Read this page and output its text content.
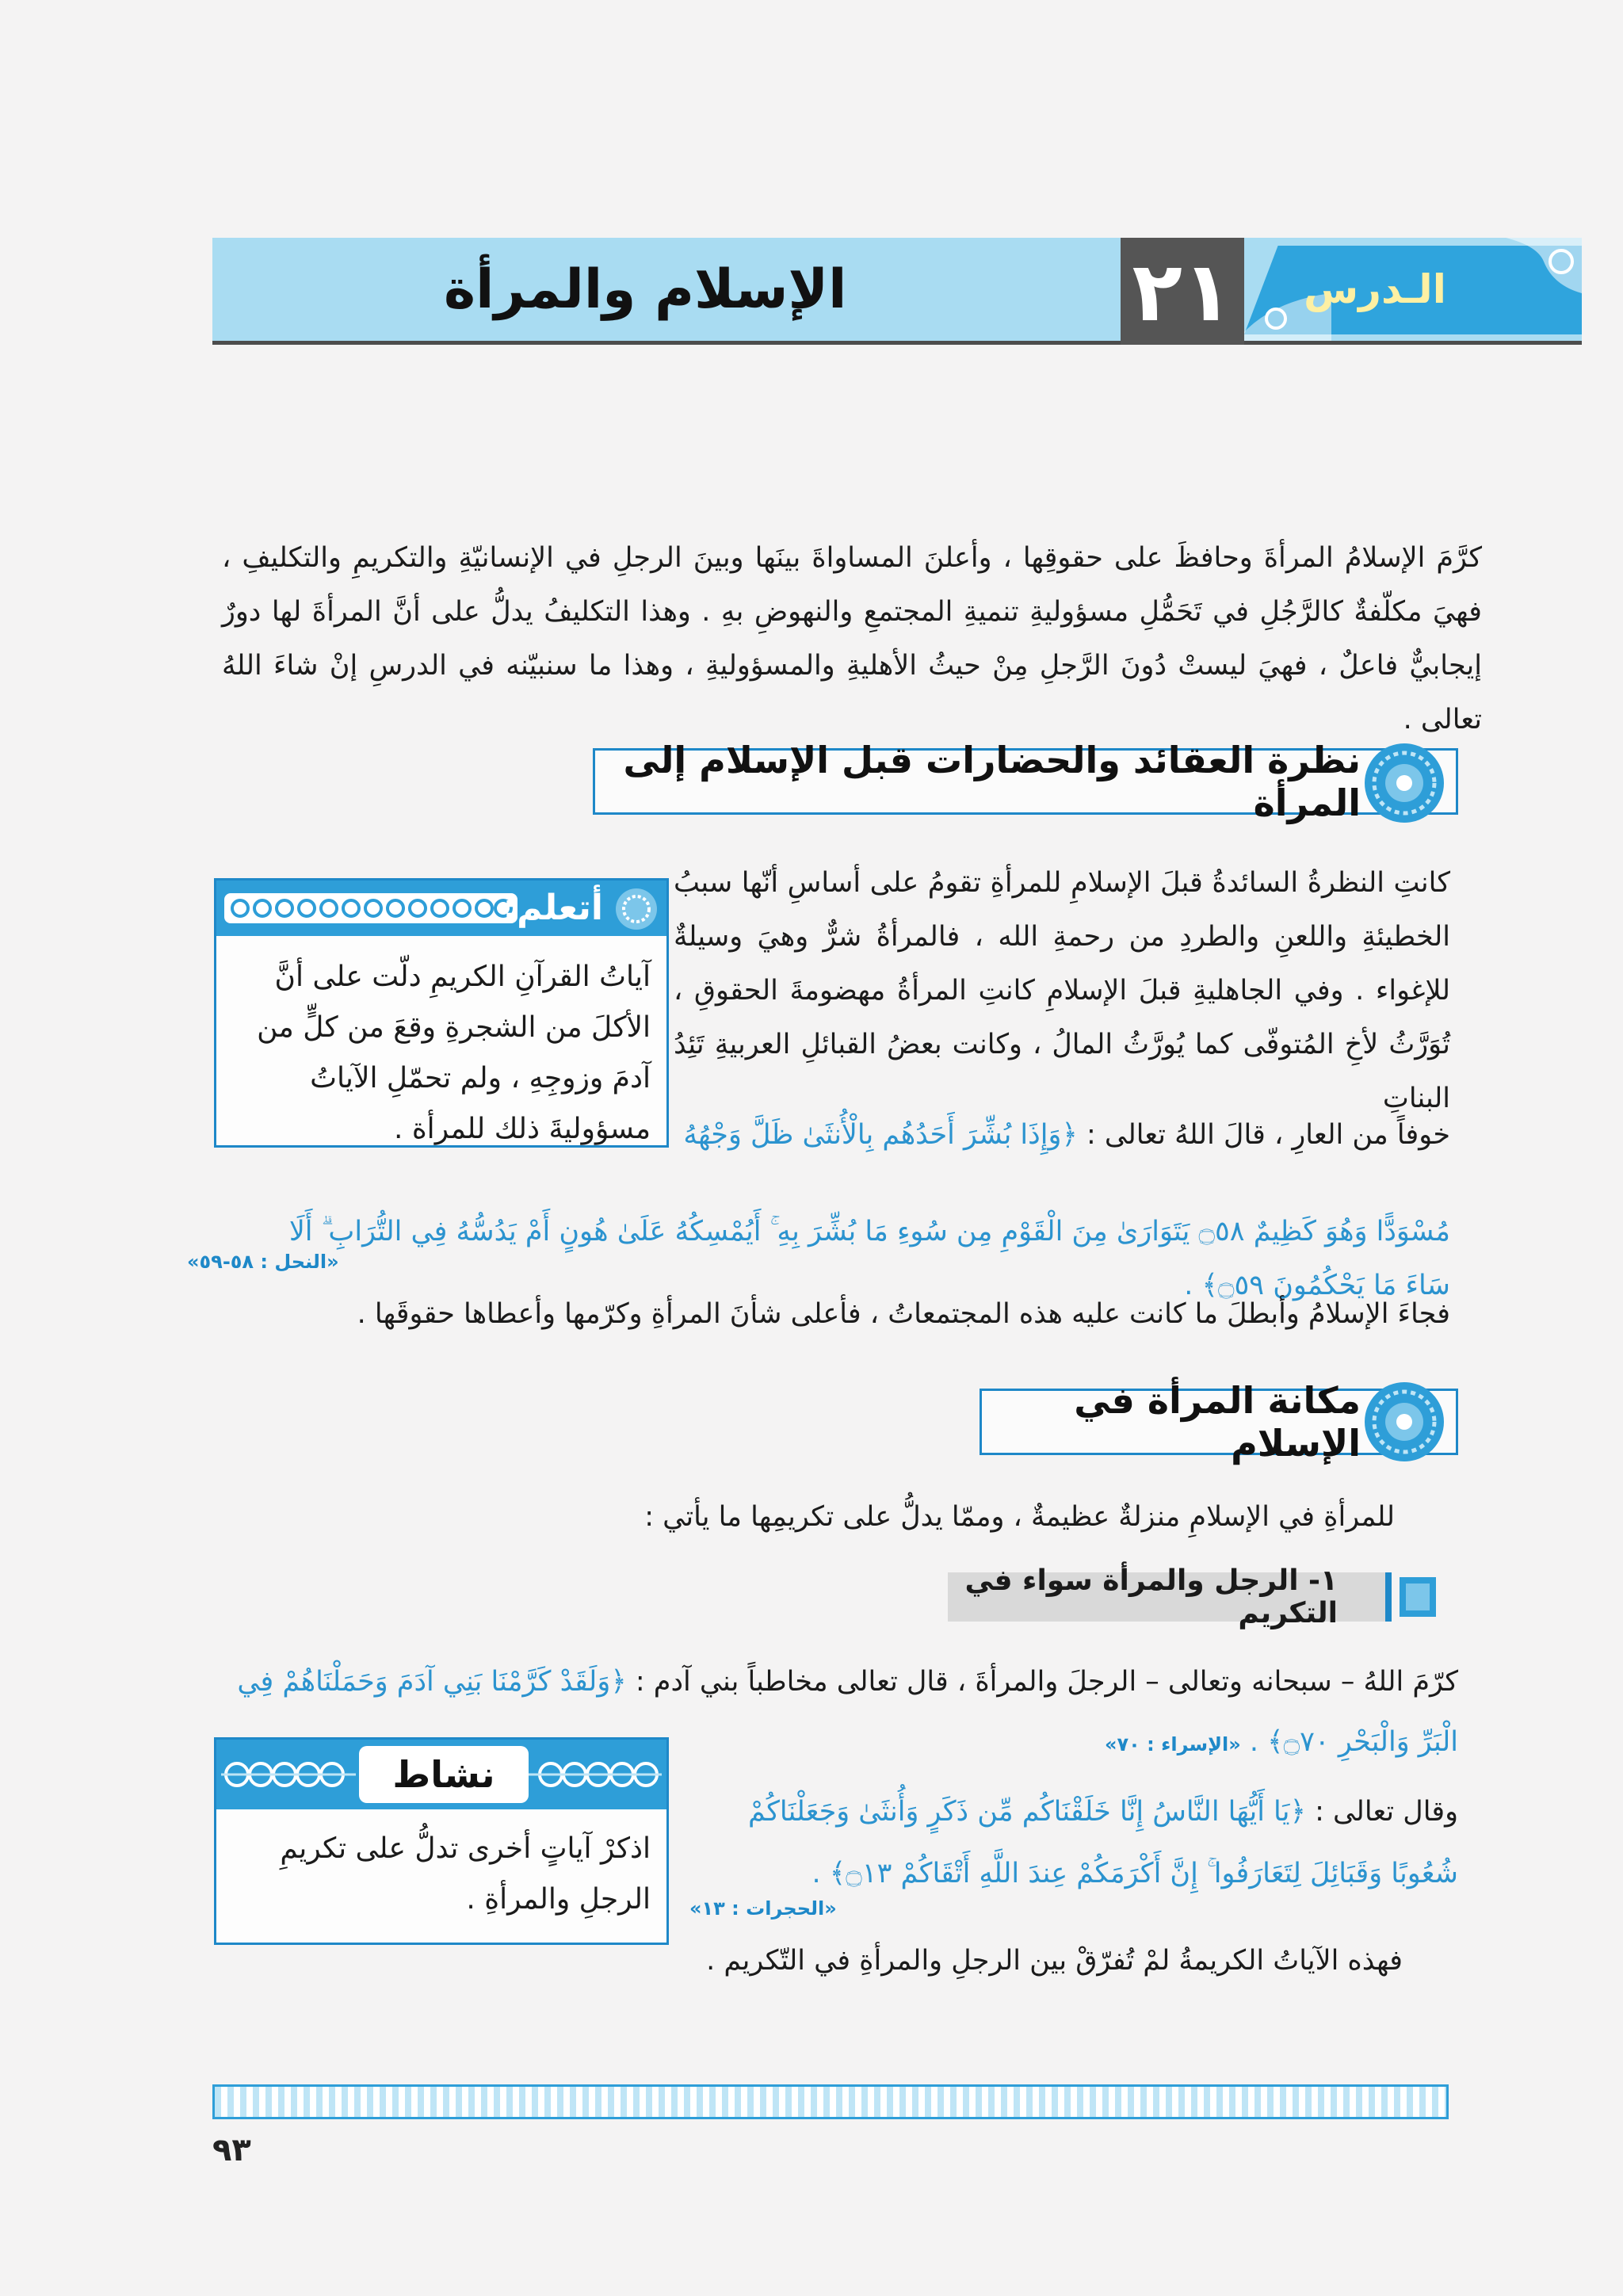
الـدرس
٢١
الإسلام والمرأة
كرَّمَ الإسلامُ المرأةَ وحافظَ على حقوقِها ، وأعلنَ المساواةَ بينَها وبينَ الرجلِ في الإنسانيّةِ والتكريمِ والتكليفِ ، فهيَ مكلّفةٌ كالرَّجُلِ في تَحَمُّلِ مسؤوليةِ تنميةِ المجتمعِ والنهوضِ بهِ . وهذا التكليفُ يدلُّ على أنَّ المرأةَ لها دورٌ إيجابيٌّ فاعلٌ ، فهيَ ليستْ دُونَ الرَّجلِ مِنْ حيثُ الأهليةِ والمسؤوليةِ ، وهذا ما سنبيّنه في الدرسِ إنْ شاءَ اللهُ تعالى .
نظرة العقائد والحضارات قبل الإسلام إلى المرأة
كانتِ النظرةُ السائدةُ قبلَ الإسلامِ للمرأةِ تقومُ على أساسِ أنّها سببُ الخطيئةِ واللعنِ والطردِ من رحمةِ الله ، فالمرأةُ شرٌّ وهيَ وسيلةٌ للإغواء . وفي الجاهليةِ قبلَ الإسلامِ كانتِ المرأةُ مهضومةَ الحقوقِ ، تُوَرَّثُ لأخِ المُتوفّى كما يُورَّثُ المالُ ، وكانت بعضُ القبائلِ العربيةِ تَئِدُ البناتِ
خوفاً من العارِ ، قالَ اللهُ تعالى : ﴿وَإِذَا بُشِّرَ أَحَدُهُم بِالْأُنثَىٰ ظَلَّ وَجْهُهُ
مُسْوَدًّا وَهُوَ كَظِيمٌ ۝٥٨ يَتَوَارَىٰ مِنَ الْقَوْمِ مِن سُوءِ مَا بُشِّرَ بِهِ ۚ أَيُمْسِكُهُ عَلَىٰ هُونٍ أَمْ يَدُسُّهُ فِي التُّرَابِ ۗ أَلَا سَاءَ مَا يَحْكُمُونَ ۝٥٩﴾ .
«النحل : ٥٨-٥٩»
فجاءَ الإسلامُ وأبطلَ ما كانت عليه هذه المجتمعاتُ ، فأعلى شأنَ المرأةِ وكرّمها وأعطاها حقوقَها .
أتعلم:
آياتُ القرآنِ الكريمِ دلّت على أنَّ الأكلَ من الشجرةِ وقعَ من كلٍّ من آدمَ وزوجِهِ ، ولم تحمّلِ الآياتُ مسؤوليةَ ذلك للمرأة .
مكانة المرأة في الإسلام
للمرأةِ في الإسلامِ منزلةٌ عظيمةٌ ، وممّا يدلُّ على تكريمِها ما يأتي :
١- الرجل والمرأة سواء في التكريم
كرّمَ اللهُ – سبحانه وتعالى – الرجلَ والمرأةَ ، قال تعالى مخاطباً بني آدم : ﴿وَلَقَدْ كَرَّمْنَا بَنِي آدَمَ وَحَمَلْنَاهُمْ فِي
الْبَرِّ وَالْبَحْرِ ۝٧٠﴾ . «الإسراء : ٧٠»
وقال تعالى : ﴿يَا أَيُّهَا النَّاسُ إِنَّا خَلَقْنَاكُم مِّن ذَكَرٍ وَأُنثَىٰ وَجَعَلْنَاكُمْ
شُعُوبًا وَقَبَائِلَ لِتَعَارَفُوا ۚ إِنَّ أَكْرَمَكُمْ عِندَ اللَّهِ أَتْقَاكُمْ ۝١٣﴾ .
«الحجرات : ١٣»
فهذه الآياتُ الكريمةُ لمْ تُفرّقْ بين الرجلِ والمرأةِ في التّكريم .
نشاط
اذكرْ آياتٍ أخرى تدلُّ على تكريمِ الرجلِ والمرأةِ .
٩٣
